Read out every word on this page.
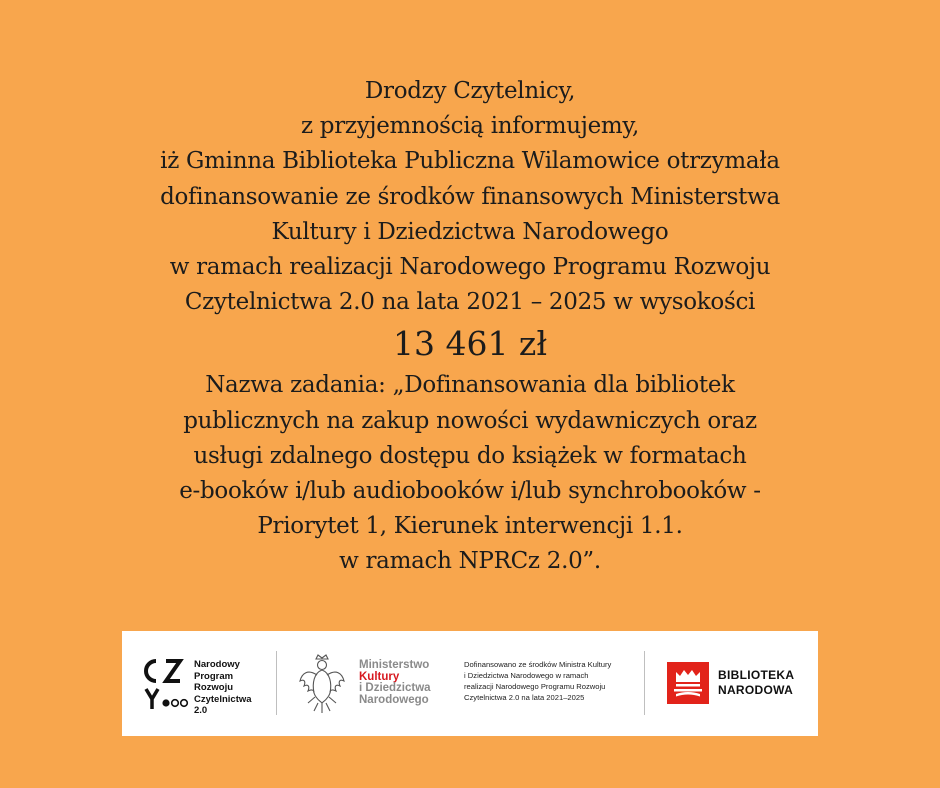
Drodzy Czytelnicy,
z przyjemnością informujemy,
iż Gminna Biblioteka Publiczna Wilamowice otrzymała
dofinansowanie ze środków finansowych Ministerstwa
Kultury i Dziedzictwa Narodowego
w ramach realizacji Narodowego Programu Rozwoju
Czytelnictwa 2.0 na lata 2021 – 2025 w wysokości
13 461 zł
Nazwa zadania: „Dofinansowania dla bibliotek
publicznych na zakup nowości wydawniczych oraz
usługi zdalnego dostępu do książek w formatach
e-booków i/lub audiobooków i/lub synchrobooków -
Priorytet 1, Kierunek interwencji 1.1.
w ramach NPRCz 2.0”.
Narodowy
Program
Rozwoju
Czytelnictwa
2.0
Ministerstwo
Kultury
i Dziedzictwa
Narodowego
Dofinansowano ze środków Ministra Kultury
i Dziedzictwa Narodowego w ramach
realizacji Narodowego Programu Rozwoju
Czytelnictwa 2.0 na lata 2021–2025
BIBLIOTEKA
NARODOWA
